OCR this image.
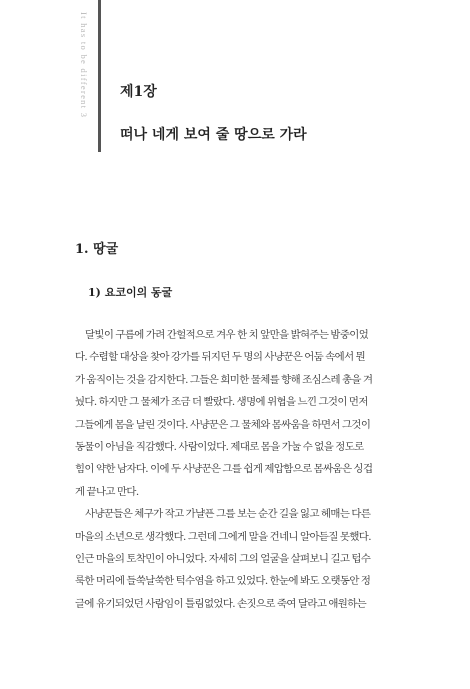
It has to be different 3 제1장
떠나 네게 보여 줄 땅으로 가라
1. 땅굴
1) 요코이의 동굴
달빛이 구름에 가려 간헐적으로 겨우 한 치 앞만을 밝혀주는 밤중이었
다. 수렵할 대상을 찾아 강가를 뒤지던 두 명의 사냥꾼은 어둠 속에서 뭔
가 움직이는 것을 감지한다. 그들은 희미한 물체를 향해 조심스레 총을 겨
눴다. 하지만 그 물체가 조금 더 빨랐다. 생명에 위협을 느낀 그것이 먼저
그들에게 몸을 날린 것이다. 사냥꾼은 그 물체와 몸싸움을 하면서 그것이
동물이 아님을 직감했다. 사람이었다. 제대로 몸을 가눌 수 없을 정도로
힘이 약한 남자다. 이에 두 사냥꾼은 그를 쉽게 제압함으로 몸싸움은 싱겁
게 끝나고 만다.
사냥꾼들은 체구가 작고 가냘픈 그를 보는 순간 길을 잃고 헤매는 다른
마을의 소년으로 생각했다. 그런데 그에게 말을 건네니 알아듣질 못했다.
인근 마을의 토착민이 아니었다. 자세히 그의 얼굴을 살펴보니 길고 텁수
룩한 머리에 들쑥날쑥한 턱수염을 하고 있었다. 한눈에 봐도 오랫동안 정
글에 유기되었던 사람임이 틀림없었다. 손짓으로 죽여 달라고 애원하는
